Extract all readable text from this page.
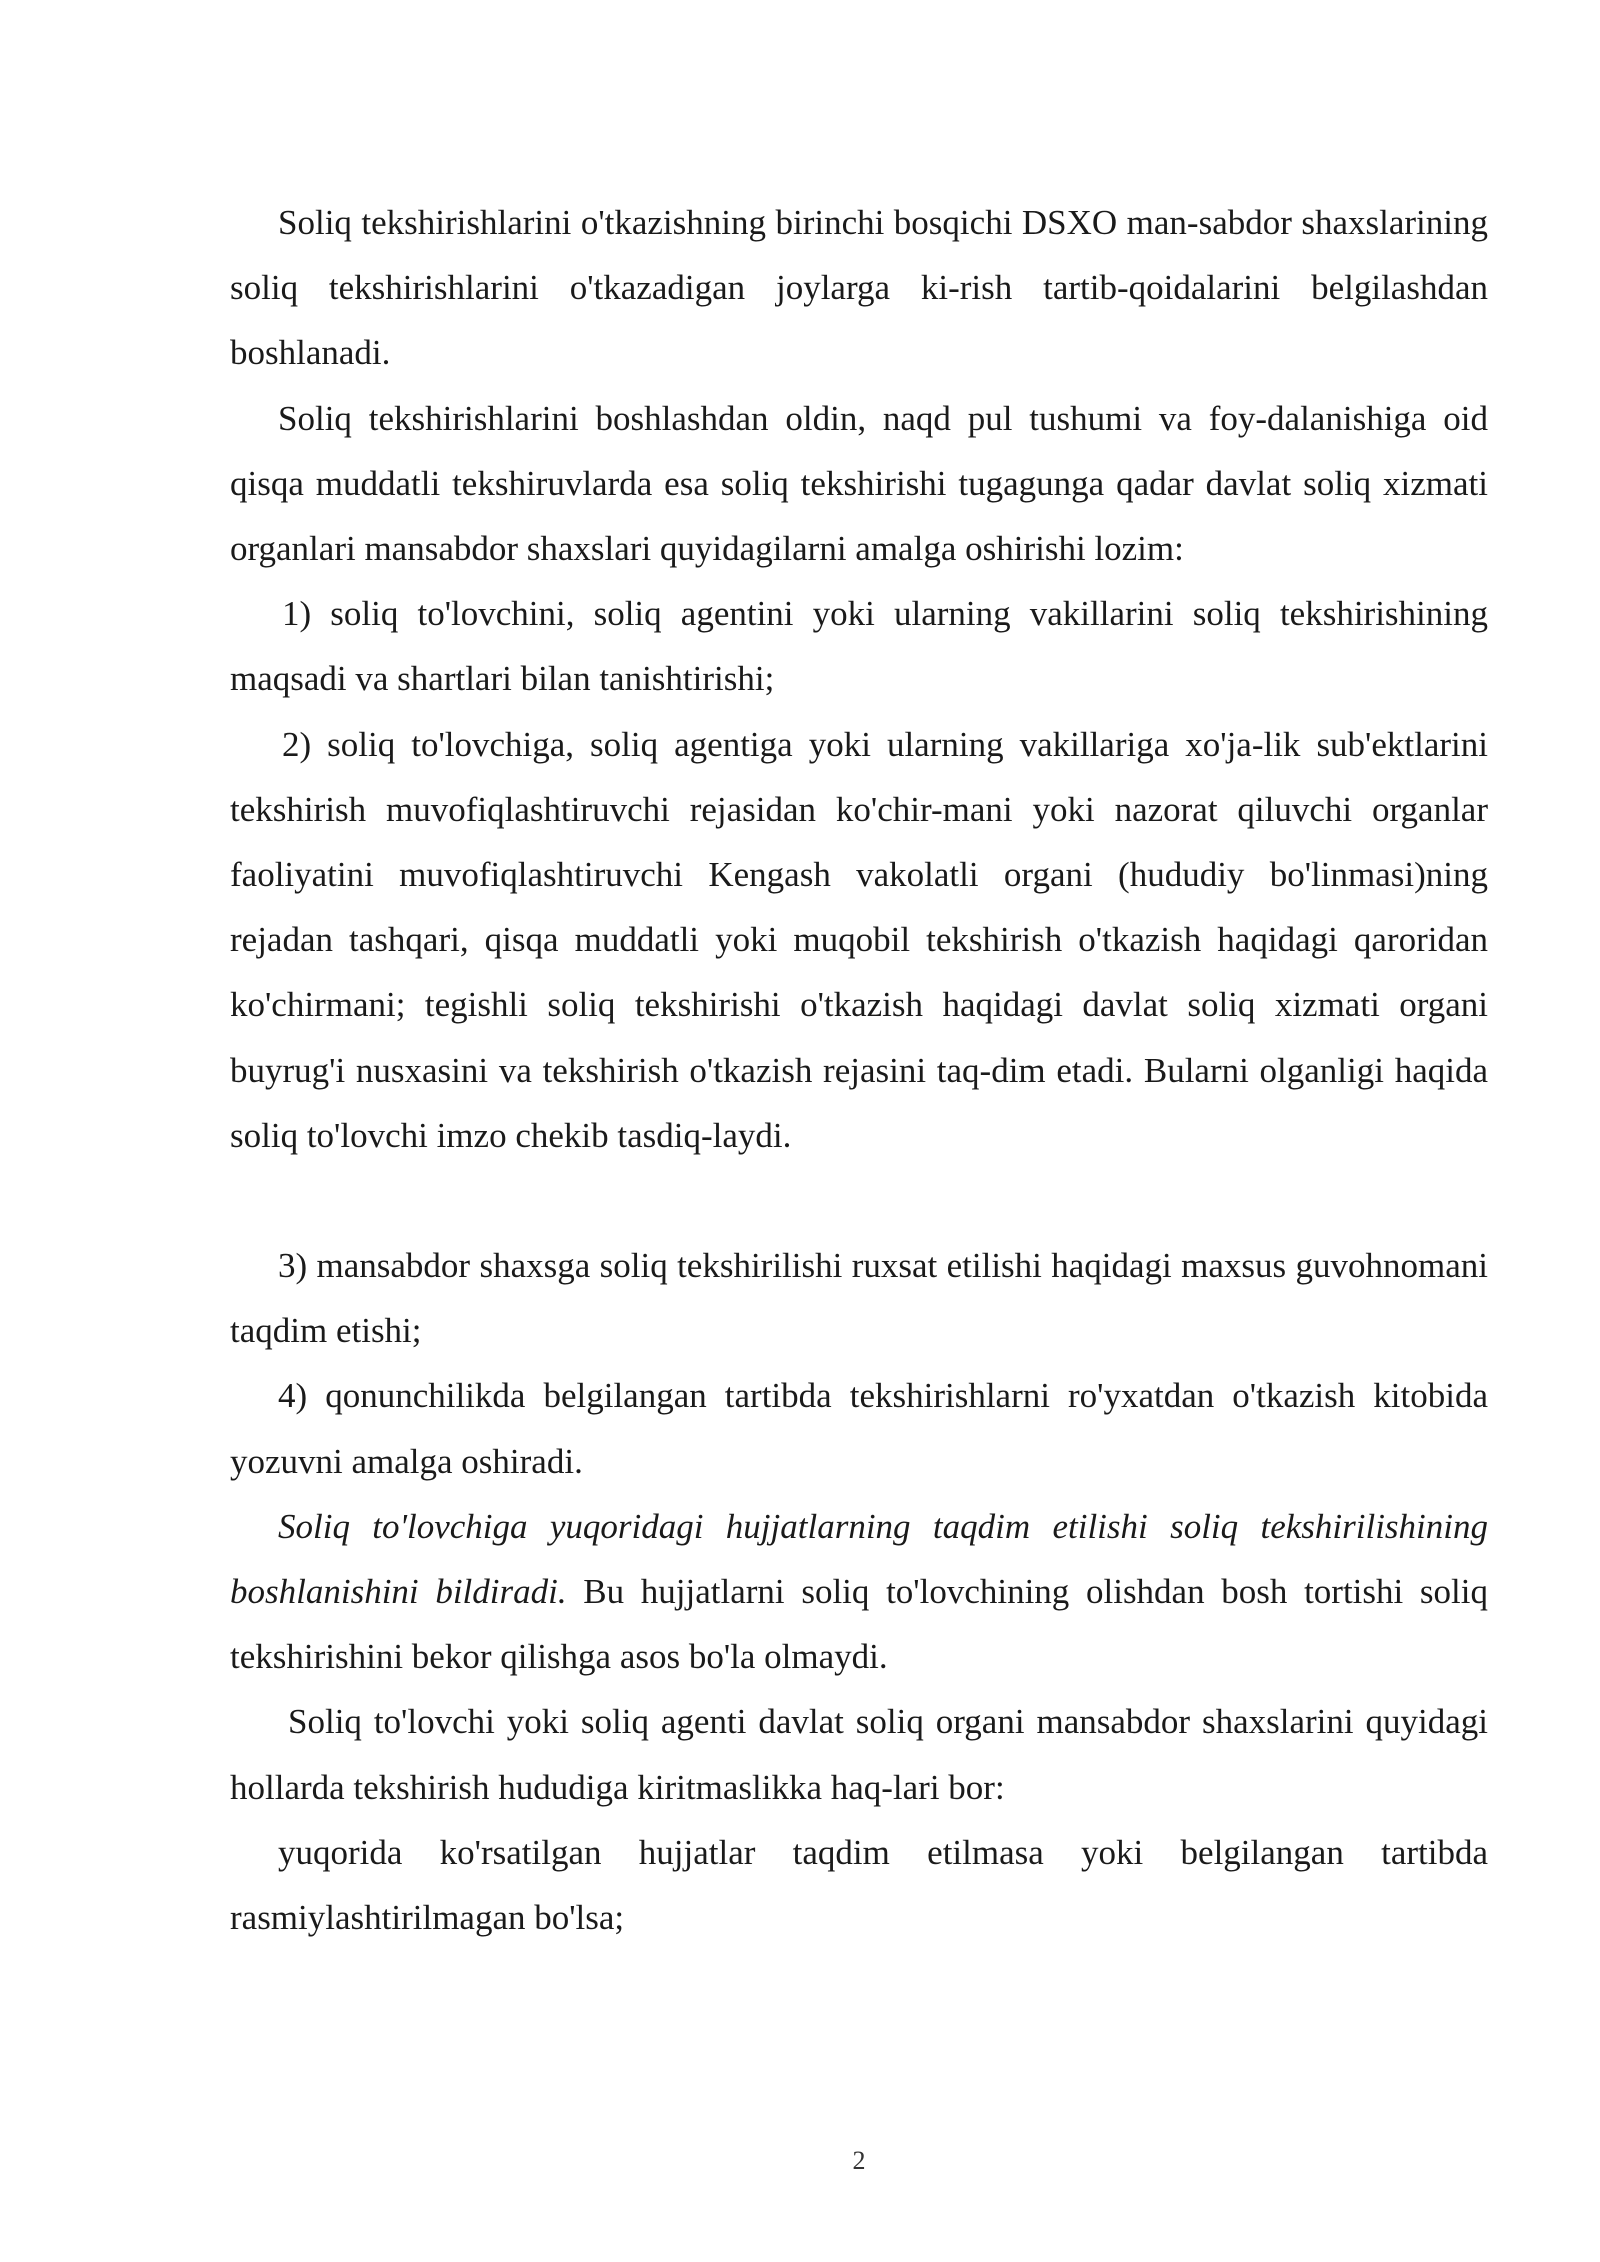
Soliq tekshirishlarini o'tkazishning birinchi bosqichi DSXO man-sabdor shaxslarining soliq tekshirishlarini o'tkazadigan joylarga ki-rish tartib-qoidalarini belgilashdan boshlanadi.

Soliq tekshirishlarini boshlashdan oldin, naqd pul tushumi va foy-dalanishiga oid qisqa muddatli tekshiruvlarda esa soliq tekshirishi tugagunga qadar davlat soliq xizmati organlari mansabdor shaxslari quyidagilarni amalga oshirishi lozim:

1) soliq to'lovchini, soliq agentini yoki ularning vakillarini soliq tekshirishining maqsadi va shartlari bilan tanishtirishi;

2) soliq to'lovchiga, soliq agentiga yoki ularning vakillariga xo'ja-lik sub'ektlarini tekshirish muvofiqlashtiruvchi rejasidan ko'chir-mani yoki nazorat qiluvchi organlar faoliyatini muvofiqlashtiruvchi Kengash vakolatli organi (hududiy bo'linmasi)ning rejadan tashqari, qisqa muddatli yoki muqobil tekshirish o'tkazish haqidagi qaroridan ko'chirmani; tegishli soliq tekshirishi o'tkazish haqidagi davlat soliq xizmati organi buyrug'i nusxasini va tekshirish o'tkazish rejasini taq-dim etadi. Bularni olganligi haqida soliq to'lovchi imzo chekib tasdiq-laydi.

3) mansabdor shaxsga soliq tekshirilishi ruxsat etilishi haqidagi maxsus guvohnomani taqdim etishi;

4) qonunchilikda belgilangan tartibda tekshirishlarni ro'yxatdan o'tkazish kitobida yozuvni amalga oshiradi.

Soliq to'lovchiga yuqoridagi hujjatlarning taqdim etilishi soliq tekshirilishining boshlanishini bildiradi. Bu hujjatlarni soliq to'lovchining olishdan bosh tortishi soliq tekshirishini bekor qilishga asos bo'la olmaydi.

Soliq to'lovchi yoki soliq agenti davlat soliq organi mansabdor shaxslarini quyidagi hollarda tekshirish hududiga kiritmaslikka haq-lari bor:

yuqorida ko'rsatilgan hujjatlar taqdim etilmasa yoki belgilangan tartibda rasmiylashtirilmagan bo'lsa;

2
